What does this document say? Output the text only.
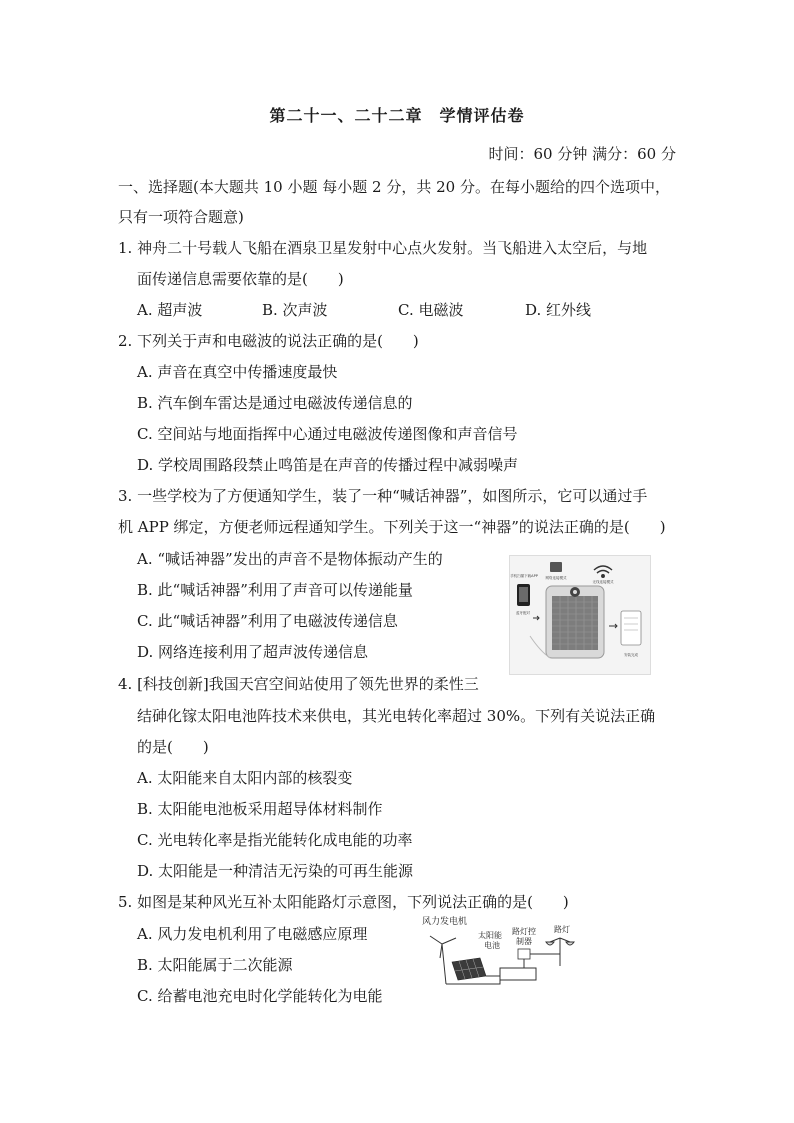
第二十一、二十二章　学情评估卷
时间：60 分钟 满分：60 分
一、选择题(本大题共 10 小题 每小题 2 分，共 20 分。在每小题给的四个选项中，
只有一项符合题意)
1. 神舟二十号载人飞船在酒泉卫星发射中心点火发射。当飞船进入太空后，与地
面传递信息需要依靠的是(　　)
A. 超声波	B. 次声波	C. 电磁波	D. 红外线
2. 下列关于声和电磁波的说法正确的是(　　)
A. 声音在真空中传播速度最快
B. 汽车倒车雷达是通过电磁波传递信息的
C. 空间站与地面指挥中心通过电磁波传递图像和声音信号
D. 学校周围路段禁止鸣笛是在声音的传播过程中减弱噪声
3. 一些学校为了方便通知学生，装了一种“喊话神器”，如图所示，它可以通过手
机 APP 绑定，方便老师远程通知学生。下列关于这一“神器”的说法正确的是(　　)
A. “喊话神器”发出的声音不是物体振动产生的
B. 此“喊话神器”利用了声音可以传递能量
C. 此“喊话神器”利用了电磁波传递信息
D. 网络连接利用了超声波传递信息
网络连接模式
无线连接模式
手机扫描下载APP
蓝牙配对
安装完成
4. [科技创新]我国天宫空间站使用了领先世界的柔性三
结砷化镓太阳电池阵技术来供电，其光电转化率超过 30%。下列有关说法正确
的是(　　)
A. 太阳能来自太阳内部的核裂变
B. 太阳能电池板采用超导体材料制作
C. 光电转化率是指光能转化成电能的功率
D. 太阳能是一种清洁无污染的可再生能源
5. 如图是某种风光互补太阳能路灯示意图，下列说法正确的是(　　)
A. 风力发电机利用了电磁感应原理
B. 太阳能属于二次能源
C. 给蓄电池充电时化学能转化为电能
风力发电机
太阳能
电池
路灯控
制器
路灯
